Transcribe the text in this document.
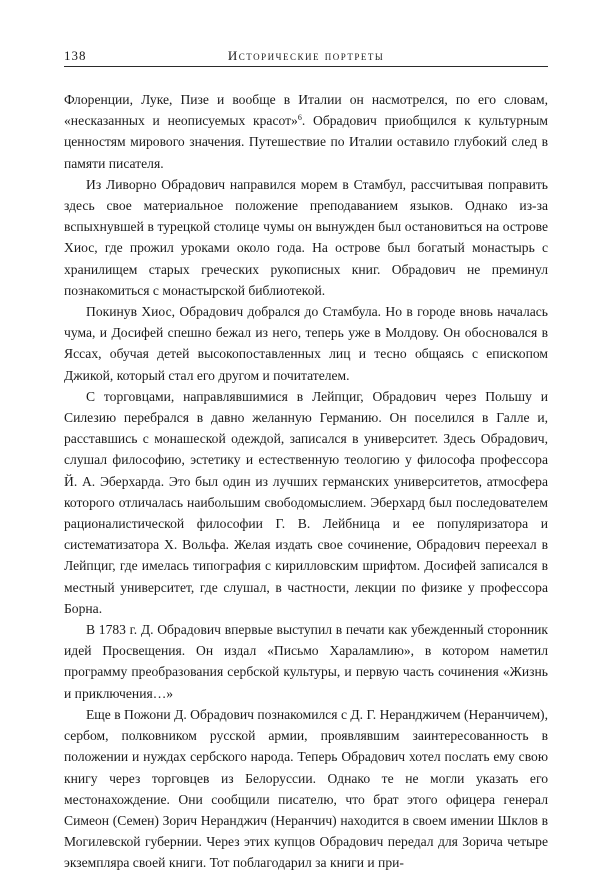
138	Исторические портреты

Флоренции, Луке, Пизе и вообще в Италии он насмотрелся, по его словам, «несказанных и неописуемых красот»$^6$. Обрадович приобщился к культурным ценностям мирового значения. Путешествие по Италии оставило глубокий след в памяти писателя.

Из Ливорно Обрадович направился морем в Стамбул, рассчитывая поправить здесь свое материальное положение преподаванием языков. Однако из-за вспыхнувшей в турецкой столице чумы он вынужден был остановиться на острове Хиос, где прожил уроками около года. На острове был богатый монастырь с хранилищем старых греческих рукописных книг. Обрадович не преминул познакомиться с монастырской библиотекой.

Покинув Хиос, Обрадович добрался до Стамбула. Но в городе вновь началась чума, и Досифей спешно бежал из него, теперь уже в Молдову. Он обосновался в Яссах, обучая детей высокопоставленных лиц и тесно общаясь с епископом Джикой, который стал его другом и почитателем.

С торговцами, направлявшимися в Лейпциг, Обрадович через Польшу и Силезию перебрался в давно желанную Германию. Он поселился в Галле и, расставшись с монашеской одеждой, записался в университет. Здесь Обрадович, слушал философию, эстетику и естественную теологию у философа профессора Й. А. Эберхарда. Это был один из лучших германских университетов, атмосфера которого отличалась наибольшим свободомыслием. Эберхард был последователем рационалистической философии Г. В. Лейбница и ее популяризатора и систематизатора Х. Вольфа. Желая издать свое сочинение, Обрадович переехал в Лейпциг, где имелась типография с кирилловским шрифтом. Досифей записался в местный университет, где слушал, в частности, лекции по физике у профессора Борна.

В 1783 г. Д. Обрадович впервые выступил в печати как убежденный сторонник идей Просвещения. Он издал «Письмо Хараламлию», в котором наметил программу преобразования сербской культуры, и первую часть сочинения «Жизнь и приключения…»

Еще в Пожони Д. Обрадович познакомился с Д. Г. Неранджичем (Неранчичем), сербом, полковником русской армии, проявлявшим заинтересованность в положении и нуждах сербского народа. Теперь Обрадович хотел послать ему свою книгу через торговцев из Белоруссии. Однако те не могли указать его местонахождение. Они сообщили писателю, что брат этого офицера генерал Симеон (Семен) Зорич Неранджич (Неранчич) находится в своем имении Шклов в Могилевской губернии. Через этих купцов Обрадович передал для Зорича четыре экземпляра своей книги. Тот поблагодарил за книги и при-
